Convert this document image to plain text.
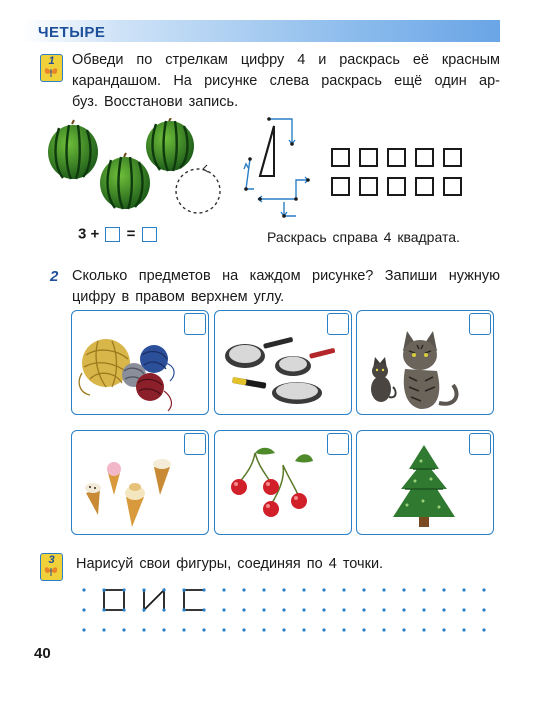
ЧЕТЫРЕ
1	Обведи по стрелкам цифру 4 и раскрась её красным
карандашом. На рисунке слева раскрась ещё один ар-
буз. Восстанови запись.

3 + =	Раскрась справа 4 квадрата.
2 Сколько предметов на каждом рисунке? Запиши нужную
цифру в правом верхнем углу.

3	Нарисуй свои фигуры, соединяя по 4 точки.

40
